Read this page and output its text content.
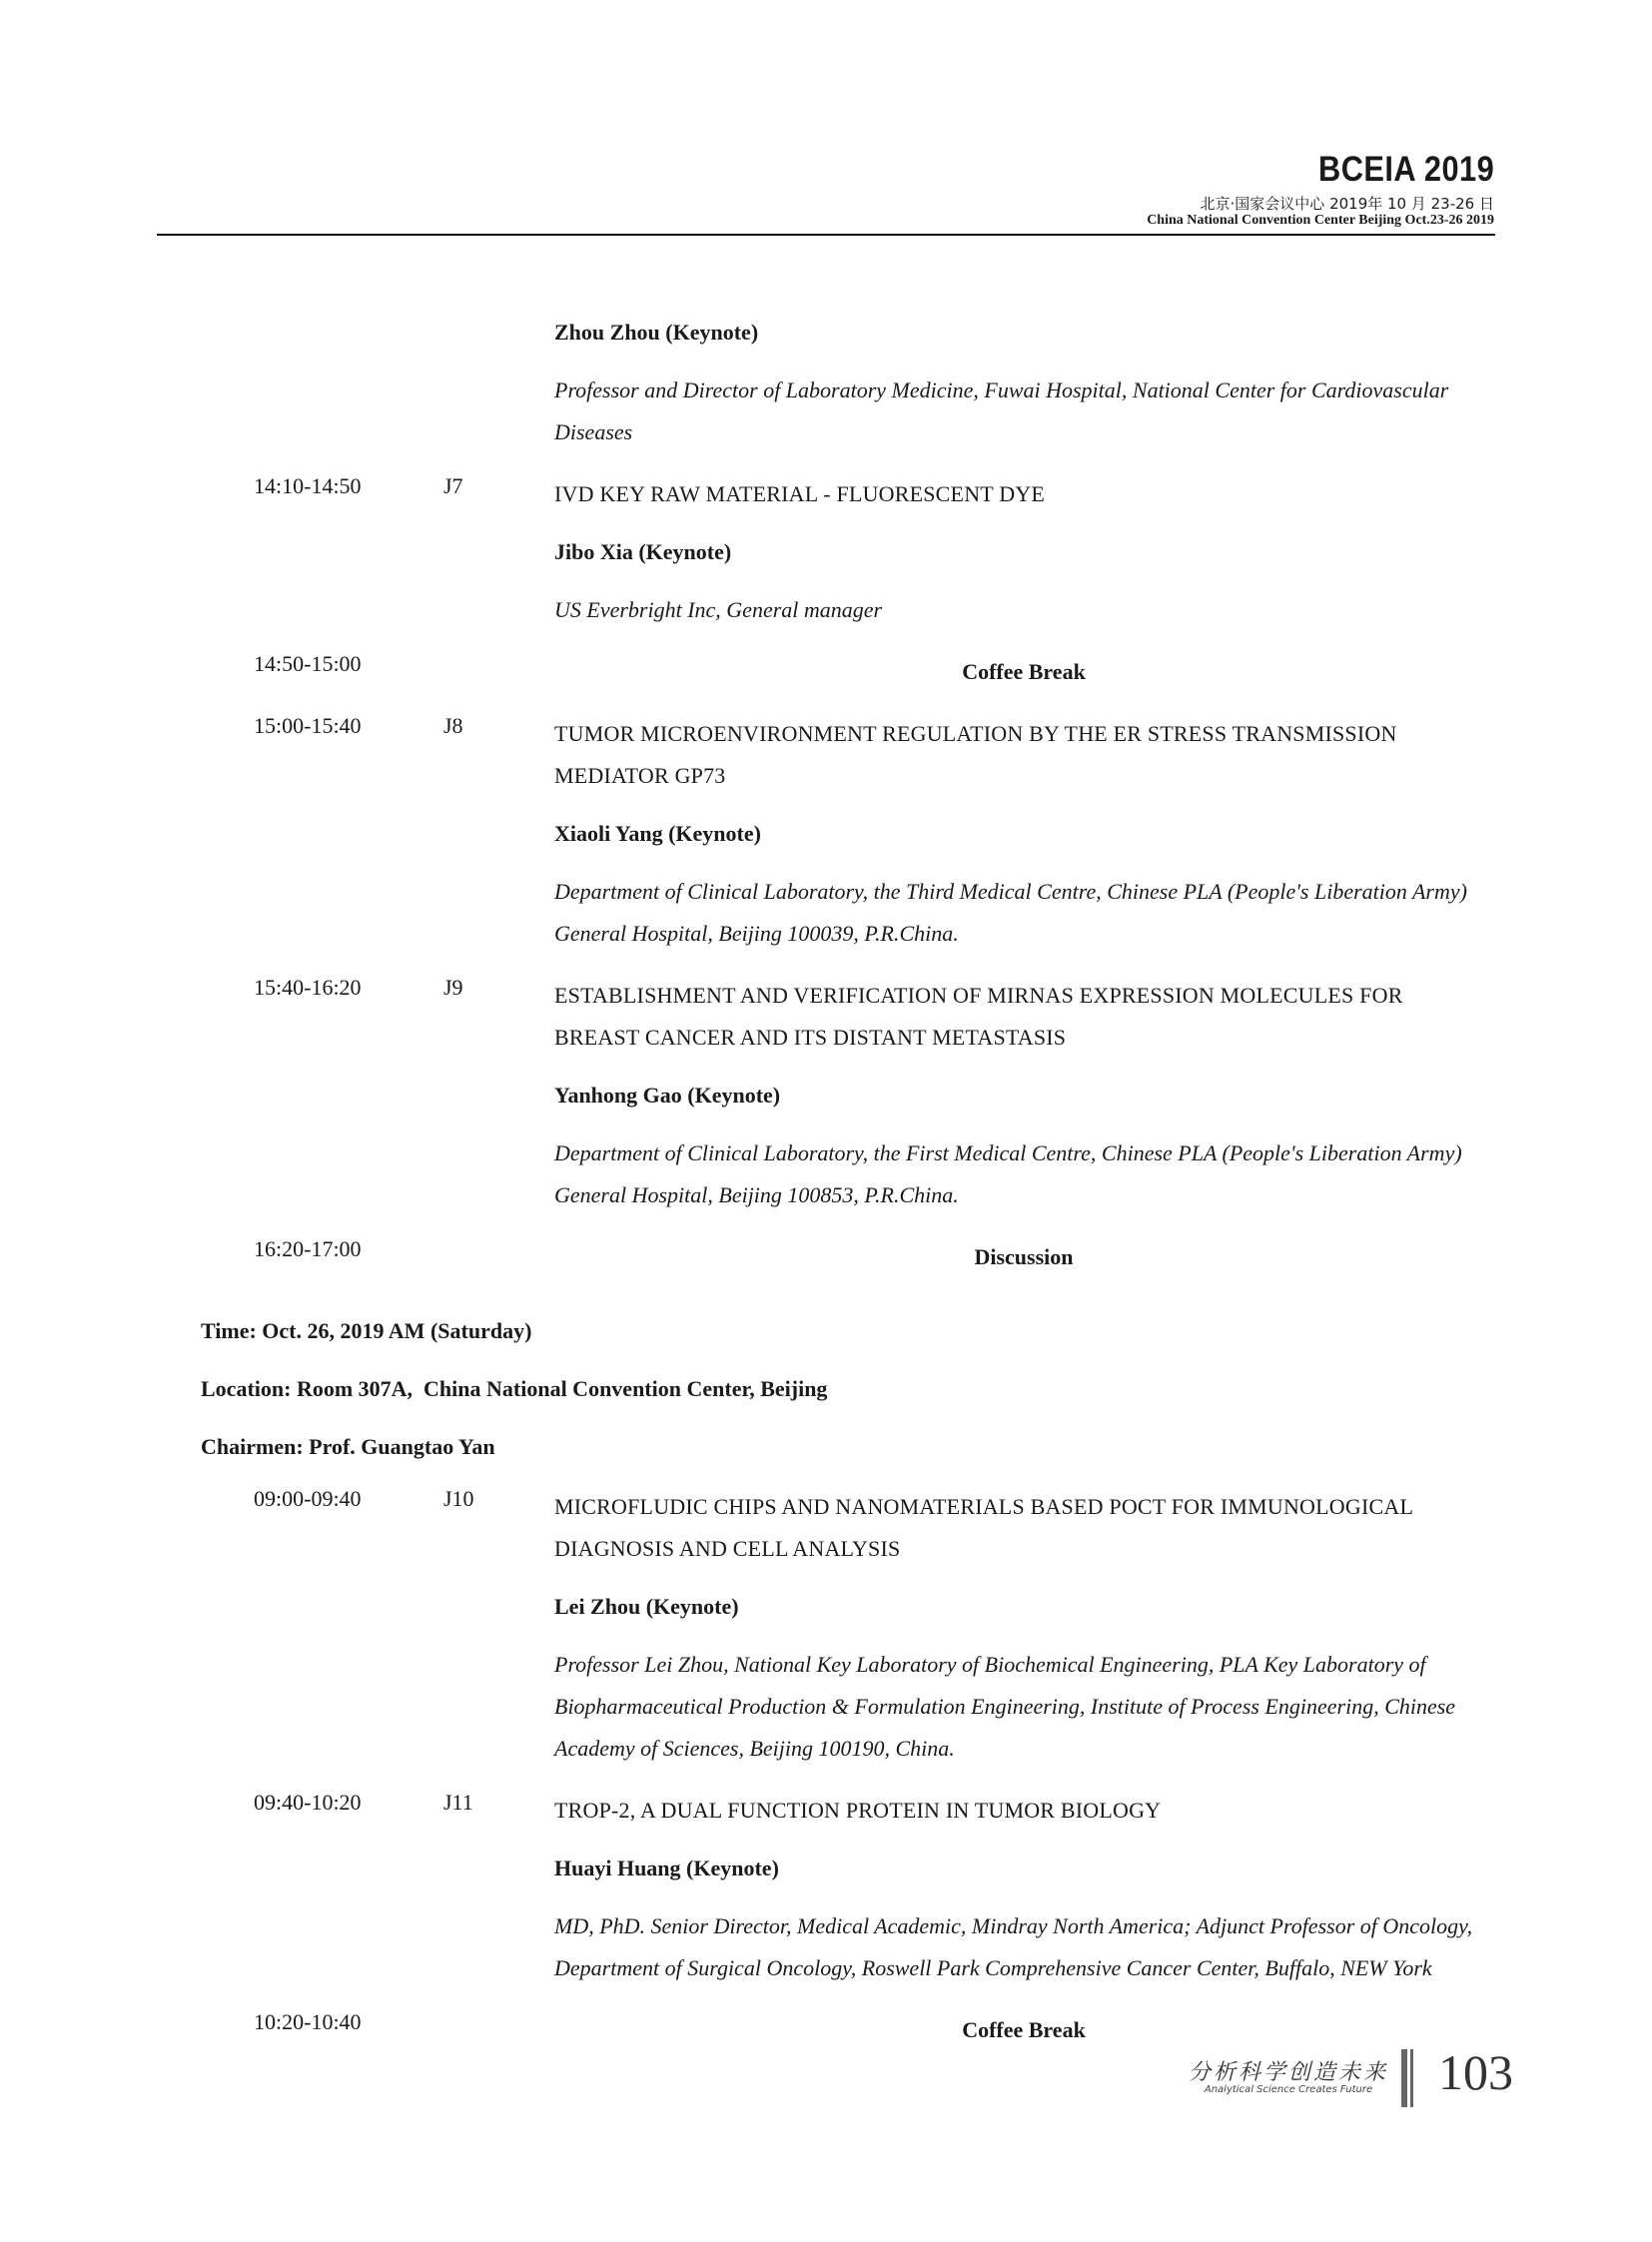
BCEIA 2019
北京·国家会议中心 2019年 10 月 23-26 日
China National Convention Center Beijing Oct.23-26 2019
Zhou Zhou (Keynote)
Professor and Director of Laboratory Medicine, Fuwai Hospital, National Center for Cardiovascular Diseases
14:10-14:50	J7	IVD KEY RAW MATERIAL - FLUORESCENT DYE
Jibo Xia (Keynote)
US Everbright Inc, General manager
14:50-15:00	Coffee Break
15:00-15:40	J8	TUMOR MICROENVIRONMENT REGULATION BY THE ER STRESS TRANSMISSION MEDIATOR GP73
Xiaoli Yang (Keynote)
Department of Clinical Laboratory, the Third Medical Centre, Chinese PLA (People's Liberation Army) General Hospital, Beijing 100039, P.R.China.
15:40-16:20	J9	ESTABLISHMENT AND VERIFICATION OF MIRNAS EXPRESSION MOLECULES FOR BREAST CANCER AND ITS DISTANT METASTASIS
Yanhong Gao (Keynote)
Department of Clinical Laboratory, the First Medical Centre, Chinese PLA (People's Liberation Army) General Hospital, Beijing 100853, P.R.China.
16:20-17:00	Discussion
Time: Oct. 26, 2019 AM (Saturday)
Location: Room 307A,  China National Convention Center, Beijing
Chairmen: Prof. Guangtao Yan
09:00-09:40	J10	MICROFLUDIC CHIPS AND NANOMATERIALS BASED POCT FOR IMMUNOLOGICAL DIAGNOSIS AND CELL ANALYSIS
Lei Zhou (Keynote)
Professor Lei Zhou, National Key Laboratory of Biochemical Engineering, PLA Key Laboratory of Biopharmaceutical Production & Formulation Engineering, Institute of Process Engineering, Chinese Academy of Sciences, Beijing 100190, China.
09:40-10:20	J11	TROP-2, A DUAL FUNCTION PROTEIN IN TUMOR BIOLOGY
Huayi Huang (Keynote)
MD, PhD. Senior Director, Medical Academic, Mindray North America; Adjunct Professor of Oncology, Department of Surgical Oncology, Roswell Park Comprehensive Cancer Center, Buffalo, NEW York
10:20-10:40	Coffee Break
分析科学创造未来
Analytical Science Creates Future	103
